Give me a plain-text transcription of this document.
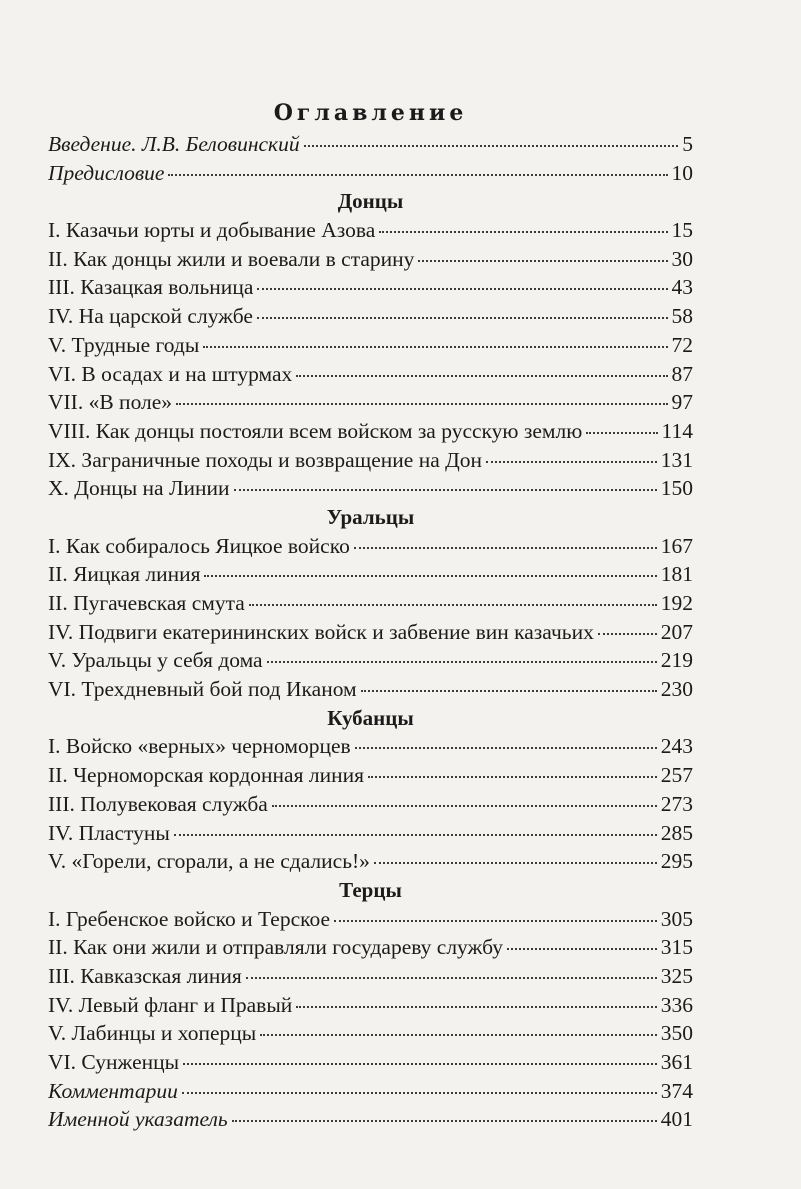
Оглавление
Введение. Л.В. Беловинский	5
Предисловие	10
Донцы
I. Казачьи юрты и добывание Азова	15
II. Как донцы жили и воевали в старину	30
III. Казацкая вольница	43
IV. На царской службе	58
V. Трудные годы	72
VI. В осадах и на штурмах	87
VII. «В поле»	97
VIII. Как донцы постояли всем войском за русскую землю	114
IX. Заграничные походы и возвращение на Дон	131
X. Донцы на Линии	150
Уральцы
I. Как собиралось Яицкое войско	167
II. Яицкая линия	181
II. Пугачевская смута	192
IV. Подвиги екатерининских войск и забвение вин казачьих	207
V. Уральцы у себя дома	219
VI. Трехдневный бой под Иканом	230
Кубанцы
I. Войско «верных» черноморцев	243
II. Черноморская кордонная линия	257
III. Полувековая служба	273
IV. Пластуны	285
V. «Горели, сгорали, а не сдались!»	295
Терцы
I. Гребенское войско и Терское	305
II. Как они жили и отправляли государеву службу	315
III. Кавказская линия	325
IV. Левый фланг и Правый	336
V. Лабинцы и хоперцы	350
VI. Сунженцы	361
Комментарии	374
Именной указатель	401
